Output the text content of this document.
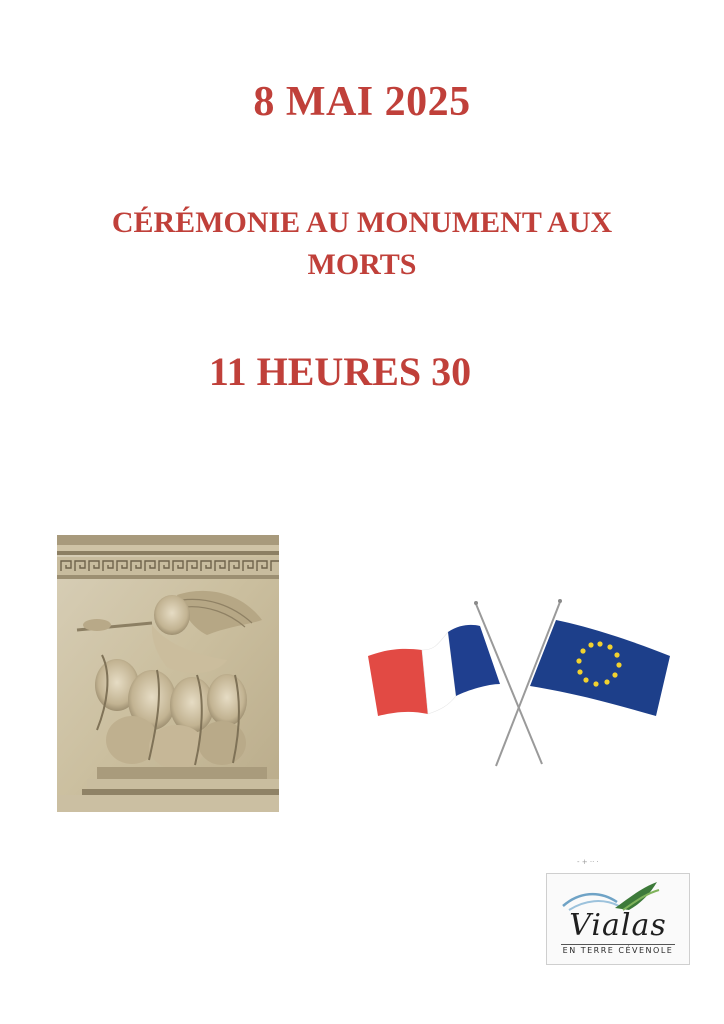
8 MAI 2025
CÉRÉMONIE AU MONUMENT AUX
MORTS
11 HEURES 30
- + ·· ·
Vialas
EN TERRE CÉVENOLE
